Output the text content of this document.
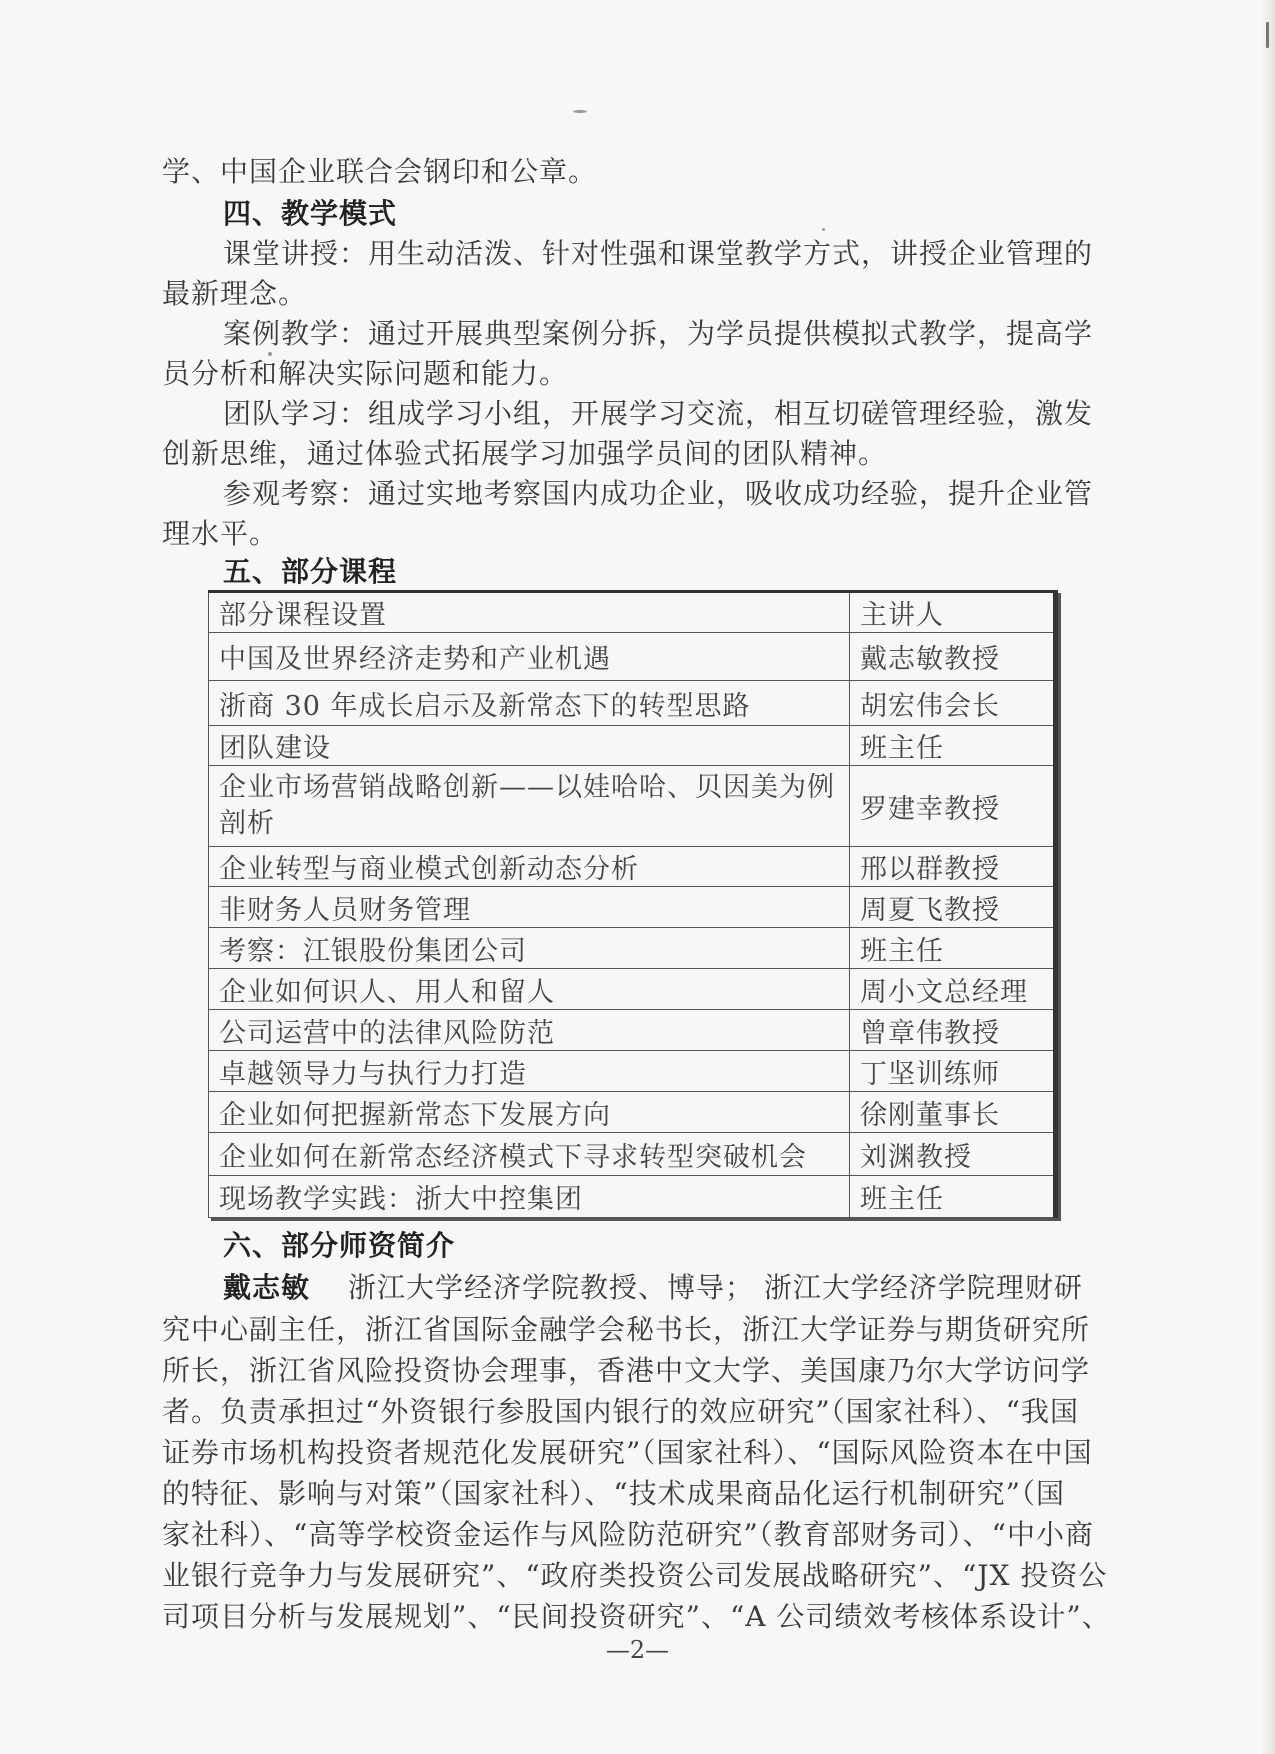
学、中国企业联合会钢印和公章。
四、教学模式
课堂讲授：用生动活泼、针对性强和课堂教学方式，讲授企业管理的
最新理念。
案例教学：通过开展典型案例分拆，为学员提供模拟式教学，提高学
员分析和解决实际问题和能力。
团队学习：组成学习小组，开展学习交流，相互切磋管理经验，激发
创新思维，通过体验式拓展学习加强学员间的团队精神。
参观考察：通过实地考察国内成功企业，吸收成功经验，提升企业管
理水平。
五、部分课程
部分课程设置	主讲人
中国及世界经济走势和产业机遇	戴志敏教授
浙商 30 年成长启示及新常态下的转型思路	胡宏伟会长
团队建设	班主任
企业市场营销战略创新——以娃哈哈、贝因美为例剖析	罗建幸教授
企业转型与商业模式创新动态分析	邢以群教授
非财务人员财务管理	周夏飞教授
考察：江银股份集团公司	班主任
企业如何识人、用人和留人	周小文总经理
公司运营中的法律风险防范	曾章伟教授
卓越领导力与执行力打造	丁坚训练师
企业如何把握新常态下发展方向	徐刚董事长
企业如何在新常态经济模式下寻求转型突破机会	刘渊教授
现场教学实践：浙大中控集团	班主任
六、部分师资简介
戴志敏 浙江大学经济学院教授、博导； 浙江大学经济学院理财研
究中心副主任，浙江省国际金融学会秘书长，浙江大学证券与期货研究所
所长，浙江省风险投资协会理事，香港中文大学、美国康乃尔大学访问学
者。负责承担过“外资银行参股国内银行的效应研究”（国家社科）、“我国
证券市场机构投资者规范化发展研究”（国家社科）、“国际风险资本在中国
的特征、影响与对策”（国家社科）、“技术成果商品化运行机制研究”（国
家社科）、“高等学校资金运作与风险防范研究”（教育部财务司）、“中小商
业银行竞争力与发展研究”、“政府类投资公司发展战略研究”、“JX 投资公
司项目分析与发展规划”、“民间投资研究”、“A 公司绩效考核体系设计”、
—2—
